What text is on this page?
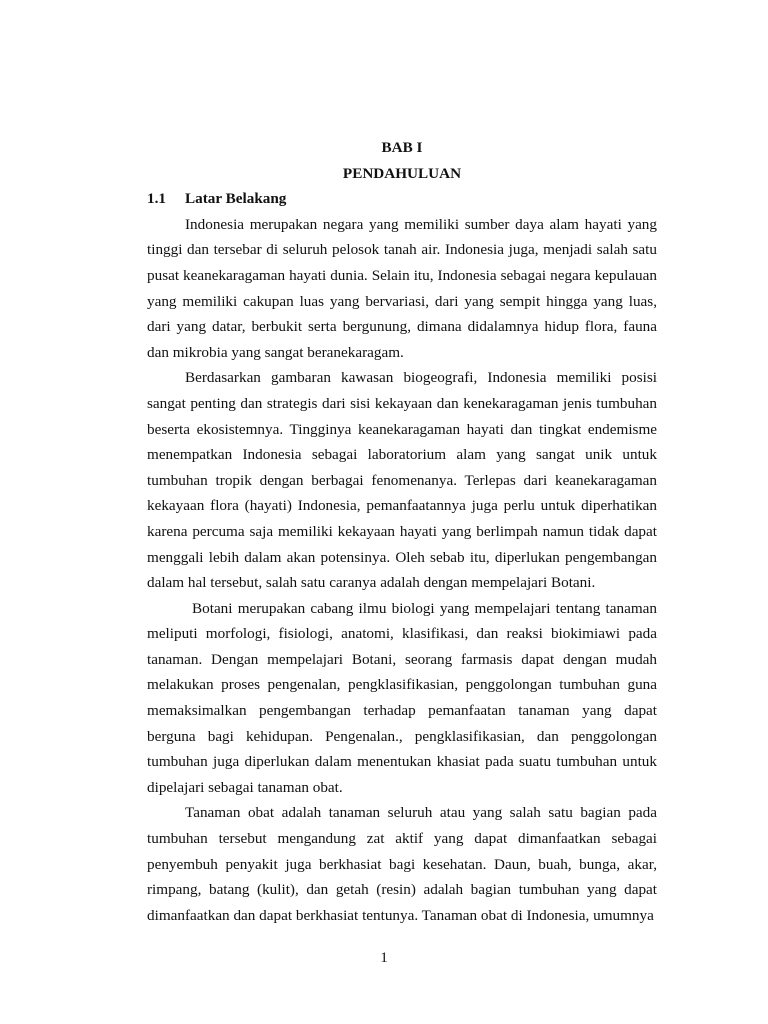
BAB I

PENDAHULUAN

1.1	Latar Belakang

Indonesia merupakan negara yang memiliki sumber daya alam hayati yang tinggi dan tersebar di seluruh pelosok tanah air. Indonesia juga, menjadi salah satu pusat keanekaragaman hayati dunia. Selain itu, Indonesia sebagai negara kepulauan yang memiliki cakupan luas yang bervariasi, dari yang sempit hingga yang luas, dari yang datar, berbukit serta bergunung, dimana didalamnya hidup flora, fauna dan mikrobia yang sangat beranekaragam.

Berdasarkan gambaran kawasan biogeografi, Indonesia memiliki posisi sangat penting dan strategis dari sisi kekayaan dan kenekaragaman jenis tumbuhan beserta ekosistemnya. Tingginya keanekaragaman hayati dan tingkat endemisme menempatkan Indonesia sebagai laboratorium alam yang sangat unik untuk tumbuhan tropik dengan berbagai fenomenanya. Terlepas dari keanekaragaman kekayaan flora (hayati) Indonesia, pemanfaatannya juga perlu untuk diperhatikan karena percuma saja memiliki kekayaan hayati yang berlimpah namun tidak dapat menggali lebih dalam akan potensinya. Oleh sebab itu, diperlukan pengembangan dalam hal tersebut, salah satu caranya adalah dengan mempelajari Botani.

Botani merupakan cabang ilmu biologi yang mempelajari tentang tanaman meliputi morfologi, fisiologi, anatomi, klasifikasi, dan reaksi biokimiawi pada tanaman. Dengan mempelajari Botani, seorang farmasis dapat dengan mudah melakukan proses pengenalan, pengklasifikasian, penggolongan tumbuhan guna memaksimalkan pengembangan terhadap pemanfaatan tanaman yang dapat berguna bagi kehidupan. Pengenalan., pengklasifikasian, dan penggolongan tumbuhan juga diperlukan dalam menentukan khasiat pada suatu tumbuhan untuk dipelajari sebagai tanaman obat.

Tanaman obat adalah tanaman seluruh atau yang salah satu bagian pada tumbuhan tersebut mengandung zat aktif yang dapat dimanfaatkan sebagai penyembuh penyakit juga berkhasiat bagi kesehatan. Daun, buah, bunga, akar, rimpang, batang (kulit), dan getah (resin) adalah bagian tumbuhan yang dapat dimanfaatkan dan dapat berkhasiat tentunya. Tanaman obat di Indonesia, umumnya

1
